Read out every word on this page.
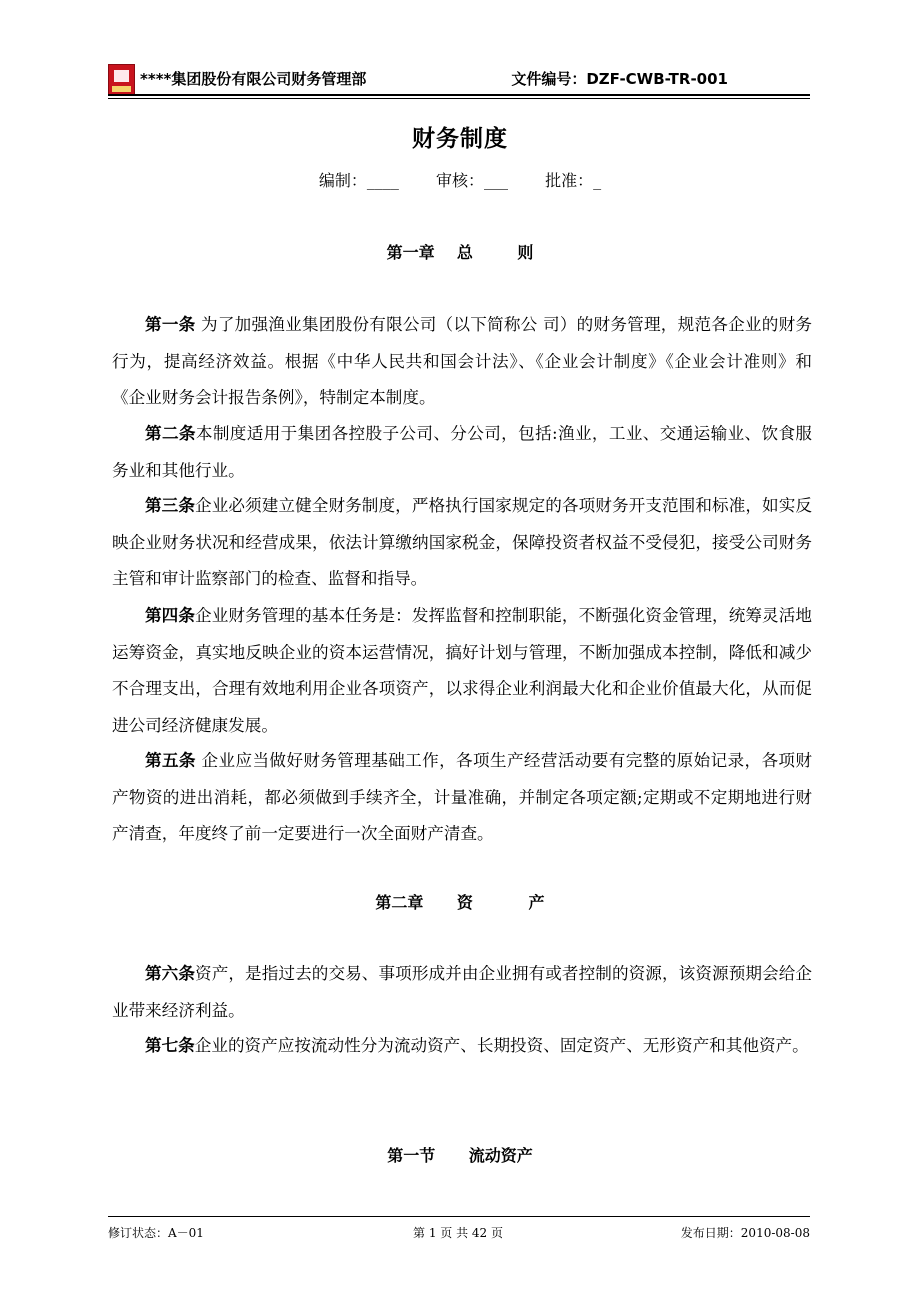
****集团股份有限公司财务管理部	文件编号：DZF-CWB-TR-001
财务制度
编制：____ 审核：___ 批准：_
第一章    总        则

第一条 为了加强渔业集团股份有限公司（以下简称公 司）的财务管理，规范各企业的财务行为，提高经济效益。根据《中华人民共和国会计法》、《企业会计制度》《企业会计准则》和《企业财务会计报告条例》，特制定本制度。

第二条本制度适用于集团各控股子公司、分公司，包括:渔业，工业、交通运输业、饮食服务业和其他行业。

第三条企业必须建立健全财务制度，严格执行国家规定的各项财务开支范围和标准，如实反映企业财务状况和经营成果，依法计算缴纳国家税金，保障投资者权益不受侵犯，接受公司财务主管和审计监察部门的检查、监督和指导。

第四条企业财务管理的基本任务是：发挥监督和控制职能，不断强化资金管理，统筹灵活地运筹资金，真实地反映企业的资本运营情况，搞好计划与管理，不断加强成本控制，降低和减少不合理支出，合理有效地利用企业各项资产，以求得企业利润最大化和企业价值最大化，从而促进公司经济健康发展。

第五条 企业应当做好财务管理基础工作，各项生产经营活动要有完整的原始记录，各项财产物资的进出消耗，都必须做到手续齐全，计量准确，并制定各项定额;定期或不定期地进行财产清查，年度终了前一定要进行一次全面财产清查。

第二章      资          产

第六条资产，是指过去的交易、事项形成并由企业拥有或者控制的资源，该资源预期会给企业带来经济利益。

第七条企业的资产应按流动性分为流动资产、长期投资、固定资产、无形资产和其他资产。

第一节      流动资产
修订状态：A－01	第 1 页 共 42 页	发布日期：2010-08-08
